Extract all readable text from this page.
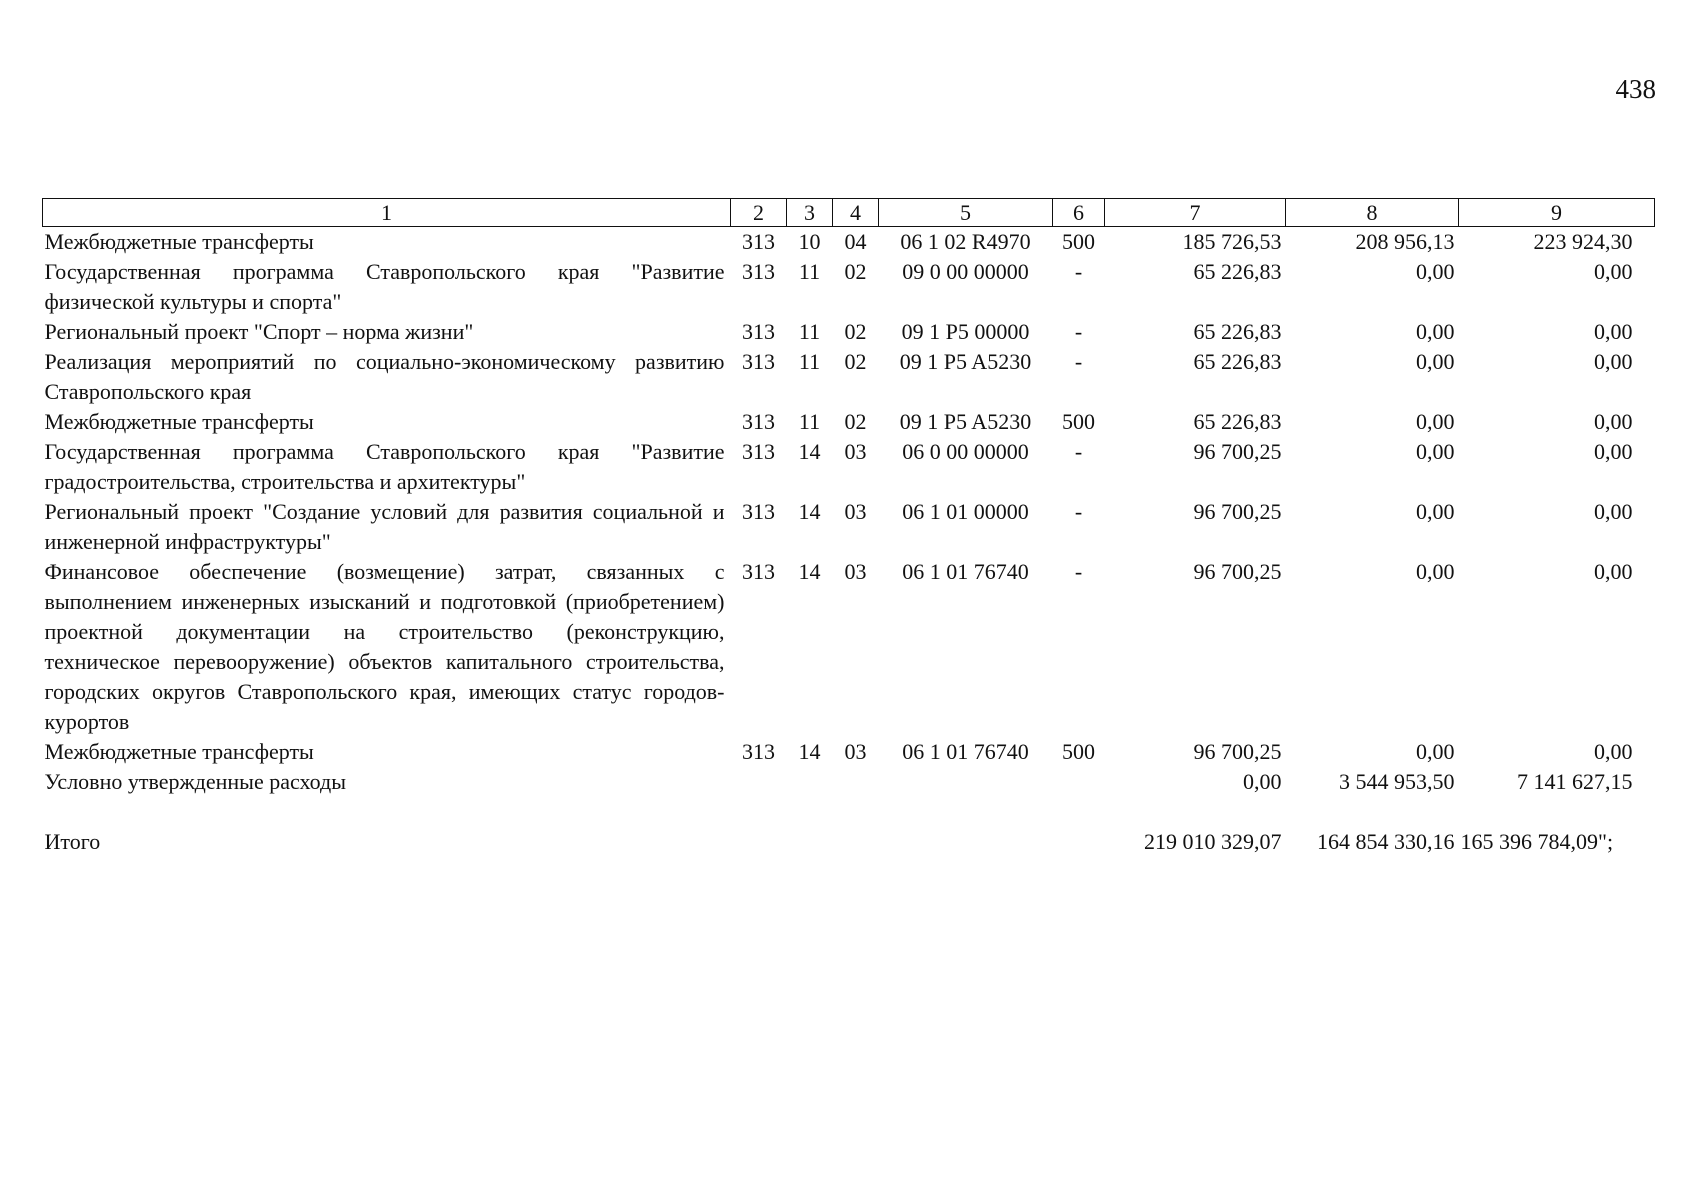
438
1	2	3	4	5	6	7	8	9
Межбюджетные трансферты	313	10	04	06 1 02 R4970	500	185 726,53	208 956,13	223 924,30
Государственная программа Ставропольского края "Развитие физической культуры и спорта"	313	11	02	09 0 00 00000	-	65 226,83	0,00	0,00
Региональный проект "Спорт – норма жизни"	313	11	02	09 1 P5 00000	-	65 226,83	0,00	0,00
Реализация мероприятий по социально-экономическому развитию Ставропольского края	313	11	02	09 1 P5 A5230	-	65 226,83	0,00	0,00
Межбюджетные трансферты	313	11	02	09 1 P5 A5230	500	65 226,83	0,00	0,00
Государственная программа Ставропольского края "Развитие градостроительства, строительства и архитектуры"	313	14	03	06 0 00 00000	-	96 700,25	0,00	0,00
Региональный проект "Создание условий для развития социальной и инженерной инфраструктуры"	313	14	03	06 1 01 00000	-	96 700,25	0,00	0,00
Финансовое обеспечение (возмещение) затрат, связанных с выполнением инженерных изысканий и подготовкой (приобретением) проектной документации на строительство (реконструкцию, техническое перевооружение) объектов капитального строительства, городских округов Ставропольского края, имеющих статус городов-курортов	313	14	03	06 1 01 76740	-	96 700,25	0,00	0,00
Межбюджетные трансферты	313	14	03	06 1 01 76740	500	96 700,25	0,00	0,00
Условно утвержденные расходы						0,00	3 544 953,50	7 141 627,15

Итого						219 010 329,07	164 854 330,16	165 396 784,09";
